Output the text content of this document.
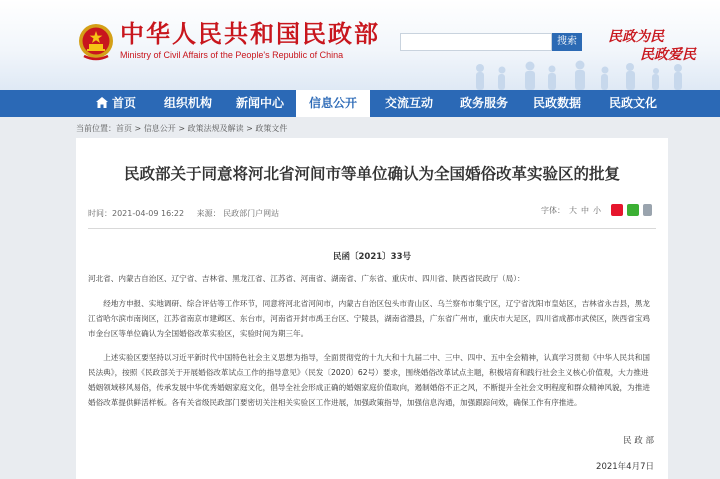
中华人民共和国民政部
Ministry of Civil Affairs of the People's Republic of China
搜索	民政为民
民政爱民
首页	组织机构	新闻中心	信息公开	交流互动	政务服务	民政数据	民政文化
当前位置：首页 > 信息公开 > 政策法规及解读 > 政策文件
民政部关于同意将河北省河间市等单位确认为全国婚俗改革实验区的批复
时间：2021-04-09 16:22 来源： 民政部门户网站	字体： 大 中 小
民函〔2021〕33号
河北省、内蒙古自治区、辽宁省、吉林省、黑龙江省、江苏省、河南省、湖南省、广东省、重庆市、四川省、陕西省民政厅（局）：
经地方申报、实地调研、综合评估等工作环节，同意将河北省河间市，内蒙古自治区包头市青山区、乌兰察布市集宁区，辽宁省沈阳市皇姑区，吉林省永吉县，黑龙江省哈尔滨市南岗区，江苏省南京市建邺区、东台市，河南省开封市禹王台区、宁陵县，湖南省澧县，广东省广州市，重庆市大足区，四川省成都市武侯区，陕西省宝鸡市金台区等单位确认为全国婚俗改革实验区，实验时间为期三年。
上述实验区要坚持以习近平新时代中国特色社会主义思想为指导，全面贯彻党的十九大和十九届二中、三中、四中、五中全会精神，认真学习贯彻《中华人民共和国民法典》，按照《民政部关于开展婚俗改革试点工作的指导意见》（民发〔2020〕62号）要求，围绕婚俗改革试点主题，积极培育和践行社会主义核心价值观，大力推进婚姻领域移风易俗，传承发展中华优秀婚姻家庭文化，倡导全社会形成正确的婚姻家庭价值取向，遏制婚俗不正之风，不断提升全社会文明程度和群众精神风貌，为推进婚俗改革提供鲜活样板。各有关省级民政部门要密切关注相关实验区工作进展，加强政策指导，加强信息沟通，加强跟踪问效，确保工作有序推进。
民 政 部
2021年4月7日
